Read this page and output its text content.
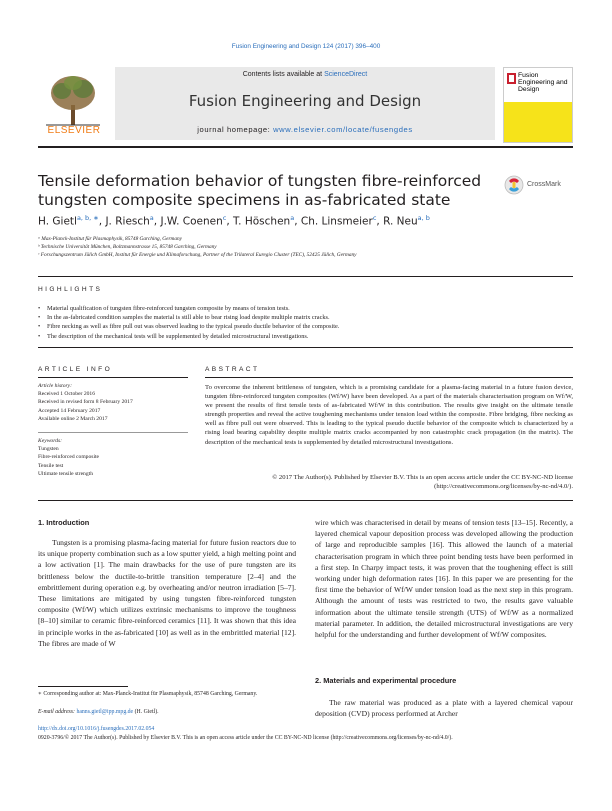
Fusion Engineering and Design 124 (2017) 396–400
ELSEVIER
Contents lists available at ScienceDirect
Fusion Engineering and Design
journal homepage: www.elsevier.com/locate/fusengdes
Fusion Engineering and Design
Tensile deformation behavior of tungsten fibre-reinforced tungsten composite specimens in as-fabricated state
CrossMark
H. Gietl$^{a, b, ∗}$, J. Riesch$^a$, J.W. Coenen$^c$, T. Höschen$^a$, Ch. Linsmeier$^c$, R. Neu$^{a, b}$
ᵃ Max-Planck-Institut für Plasmaphysik, 85748 Garching, Germany
ᵇ Technische Universität München, Boltzmannstrasse 15, 85748 Garching, Germany
ᶜ Forschungszentrum Jülich GmbH, Institut für Energie und Klimaforschung, Partner of the Trilateral Euregio Cluster (TEC), 52425 Jülich, Germany
HIGHLIGHTS
• Material qualification of tungsten fibre-reinforced tungsten composite by means of tension tests.
• In the as-fabricated condition samples the material is still able to bear rising load despite multiple matrix cracks.
• Fibre necking as well as fibre pull out was observed leading to the typical pseudo ductile behavior of the composite.
• The description of the mechanical tests will be supplemented by detailed microstructural investigations.
ARTICLE INFO
Article history:
Received 1 October 2016
Received in revised form 8 February 2017
Accepted 14 February 2017
Available online 2 March 2017
Keywords:
Tungsten
Fibre-reinforced composite
Tensile test
Ultimate tensile strength
ABSTRACT
To overcome the inherent brittleness of tungsten, which is a promising candidate for a plasma-facing material in a future fusion device, tungsten fibre-reinforced tungsten composites (Wf/W) have been developed. As a part of the materials characterisation program on Wf/W, we present the results of first tensile tests of as-fabricated Wf/W in this contribution. The results give insight on the ultimate tensile strength properties and reveal the active toughening mechanisms under tension load within the composite. Fibre bridging, fibre necking as well as fibre pull out were observed. This is leading to the typical pseudo ductile behavior of the composite which is characterized by a rising load bearing capability despite multiple matrix cracks accompanied by non catastrophic crack propagation (in the matrix). The description of the mechanical tests is supplemented by detailed microstructural investigations.
© 2017 The Author(s). Published by Elsevier B.V. This is an open access article under the CC BY-NC-ND license (http://creativecommons.org/licenses/by-nc-nd/4.0/).
1. Introduction
Tungsten is a promising plasma-facing material for future fusion reactors due to its unique property combination such as a low sputter yield, a high melting point and a low activation [1]. The main drawbacks for the use of pure tungsten are its brittleness below the ductile-to-brittle transition temperature [2–4] and the embrittlement during operation e.g. by overheating and/or neutron irradiation [5–7]. These limitations are mitigated by using tungsten fibre-reinforced tungsten composite (Wf/W) which utilizes extrinsic mechanisms to improve the toughness [8–10] similar to ceramic fibre-reinforced ceramics [11]. It was shown that this idea in principle works in the as-fabricated [10] as well as in the embrittled material [12]. The fibres are made of W
wire which was characterised in detail by means of tension tests [13–15]. Recently, a layered chemical vapour deposition process was developed allowing the production of large and reproducible samples [16]. This allowed the launch of a material characterisation program in which three point bending tests have been performed in a first step. In Charpy impact tests, it was proven that the toughening effect is still working under high deformation rates [16]. In this paper we are presenting for the first time the behavior of Wf/W under tension load as the next step in this program. Although the amount of tests was restricted to two, the results gave valuable information about the ultimate tensile strength (UTS) of Wf/W as a normalized material parameter. In addition, the detailed microstructural investigations are very helpful for the understanding and further development of Wf/W composites.
2. Materials and experimental procedure
The raw material was produced as a plate with a layered chemical vapour deposition (CVD) process performed at Archer
∗ Corresponding author at: Max-Planck-Institut für Plasmaphysik, 85748 Garching, Germany.
E-mail address: hanns.gietl@ipp.mpg.de (H. Gietl).
http://dx.doi.org/10.1016/j.fusengdes.2017.02.054
0920-3796/© 2017 The Author(s). Published by Elsevier B.V. This is an open access article under the CC BY-NC-ND license (http://creativecommons.org/licenses/by-nc-nd/4.0/).
